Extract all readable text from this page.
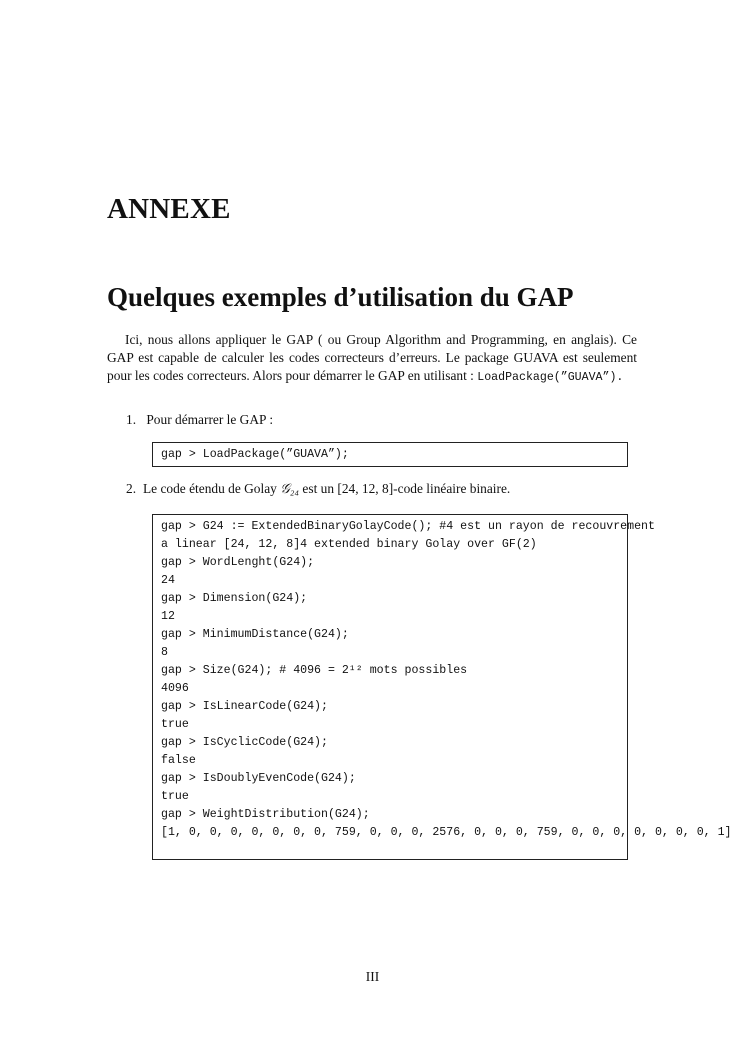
ANNEXE
Quelques exemples d’utilisation du GAP
Ici, nous allons appliquer le GAP ( ou Group Algorithm and Programming, en anglais). Ce GAP est capable de calculer les codes correcteurs d’erreurs. Le package GUAVA est seulement pour les codes correcteurs. Alors pour démarrer le GAP en utilisant : LoadPackage(”GUAVA”).
1. Pour démarrer le GAP :
gap > LoadPackage(”GUAVA”);
2. Le code étendu de Golay 𝒢₂₄ est un [24, 12, 8]-code linéaire binaire.
gap > G24 := ExtendedBinaryGolayCode(); #4 est un rayon de recouvrement
a linear [24, 12, 8]4 extended binary Golay over GF(2)
gap > WordLenght(G24);
24
gap > Dimension(G24);
12
gap > MinimumDistance(G24);
8
gap > Size(G24); # 4096 = 2¹² mots possibles
4096
gap > IsLinearCode(G24);
true
gap > IsCyclicCode(G24);
false
gap > IsDoublyEvenCode(G24);
true
gap > WeightDistribution(G24);
[1, 0, 0, 0, 0, 0, 0, 0, 759, 0, 0, 0, 2576, 0, 0, 0, 759, 0, 0, 0, 0, 0, 0, 0, 1]
III
